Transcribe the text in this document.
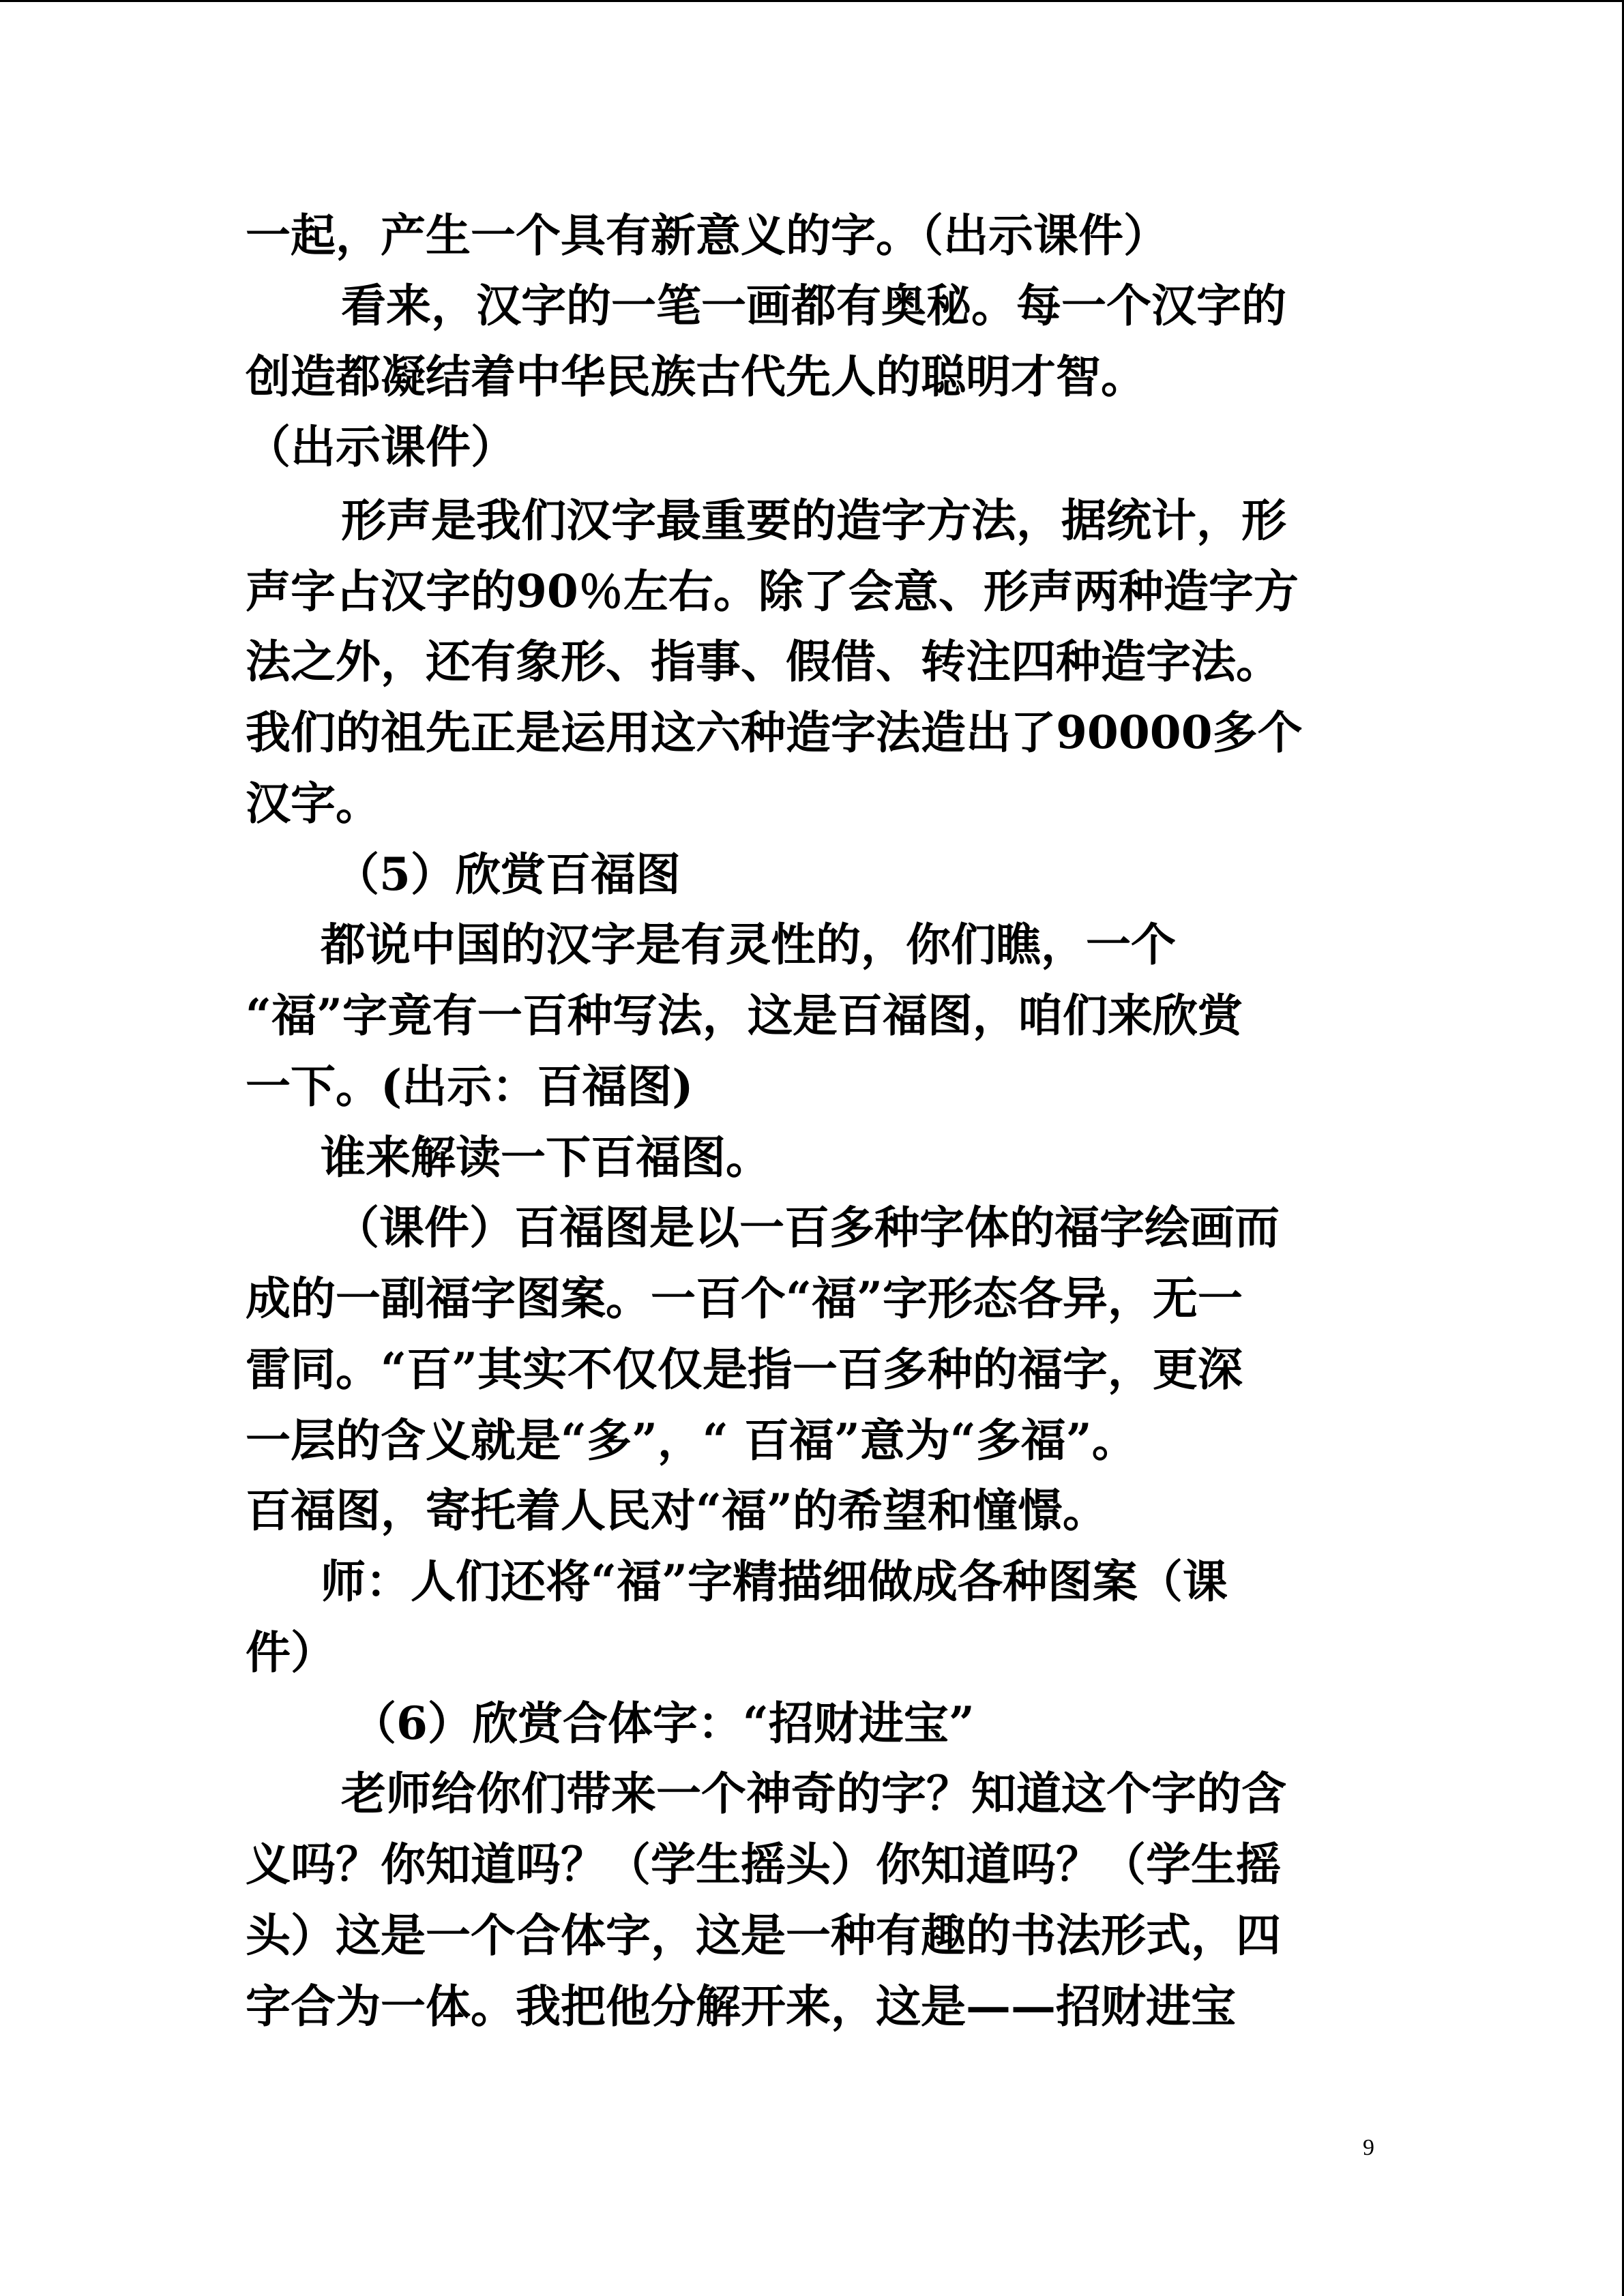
一起，产生一个具有新意义的字。（出示课件）
看来，汉字的一笔一画都有奥秘。每一个汉字的
创造都凝结着中华民族古代先人的聪明才智。
（出示课件）
形声是我们汉字最重要的造字方法，据统计，形
声字占汉字的90％左右。除了会意、形声两种造字方
法之外，还有象形、指事、假借、转注四种造字法。
我们的祖先正是运用这六种造字法造出了90000多个
汉字。
（5）欣赏百福图
都说中国的汉字是有灵性的，你们瞧，一个
“福”字竟有一百种写法，这是百福图，咱们来欣赏
一下。(出示：百福图)
谁来解读一下百福图。
（课件）百福图是以一百多种字体的福字绘画而
成的一副福字图案。一百个“福”字形态各异，无一
雷同。“百”其实不仅仅是指一百多种的福字，更深
一层的含义就是“多”，“ 百福”意为“多福”。
百福图，寄托着人民对“福”的希望和憧憬。
师：人们还将“福”字精描细做成各种图案（课
件）
（6）欣赏合体字：“招财进宝”
老师给你们带来一个神奇的字？知道这个字的含
义吗？你知道吗？（学生摇头）你知道吗？（学生摇
头）这是一个合体字，这是一种有趣的书法形式，四
字合为一体。我把他分解开来，这是——招财进宝
9
